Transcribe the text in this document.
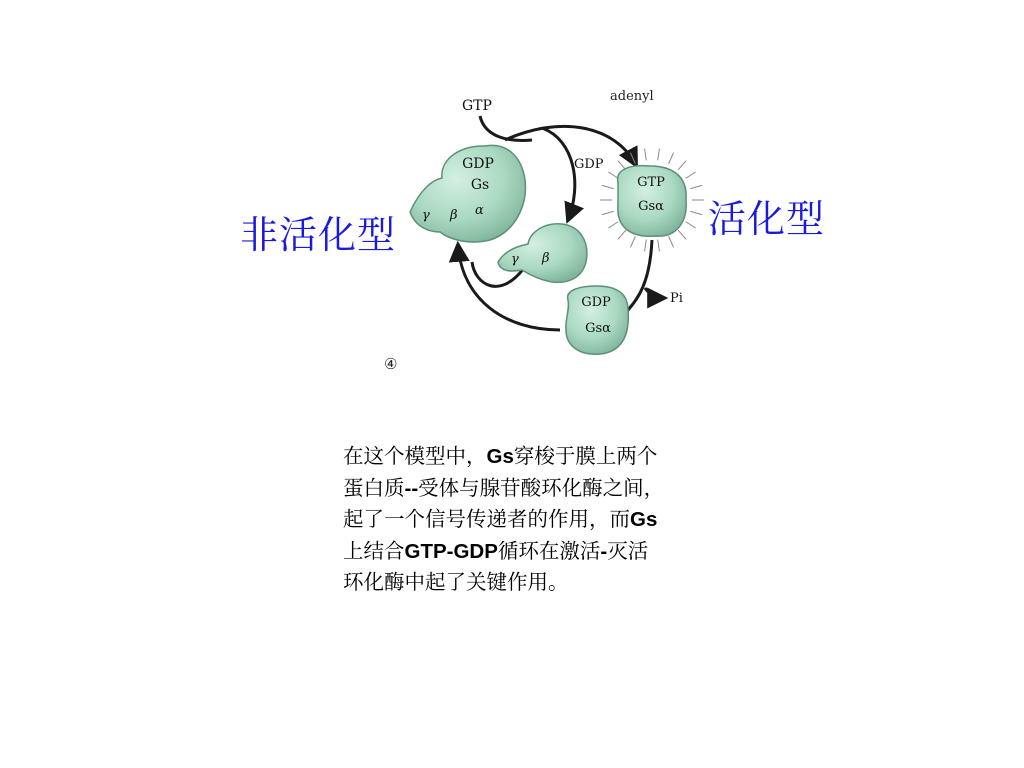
adenyl
GDP
Gs
γ β α
GTP
GDP
GTP
Gsα
γ β
GDP
Gsα
Pi
④
非活化型	活化型
在这个模型中，Gs穿梭于膜上两个
蛋白质--受体与腺苷酸环化酶之间，
起了一个信号传递者的作用，而Gs
上结合GTP-GDP循环在激活-灭活
环化酶中起了关键作用。
